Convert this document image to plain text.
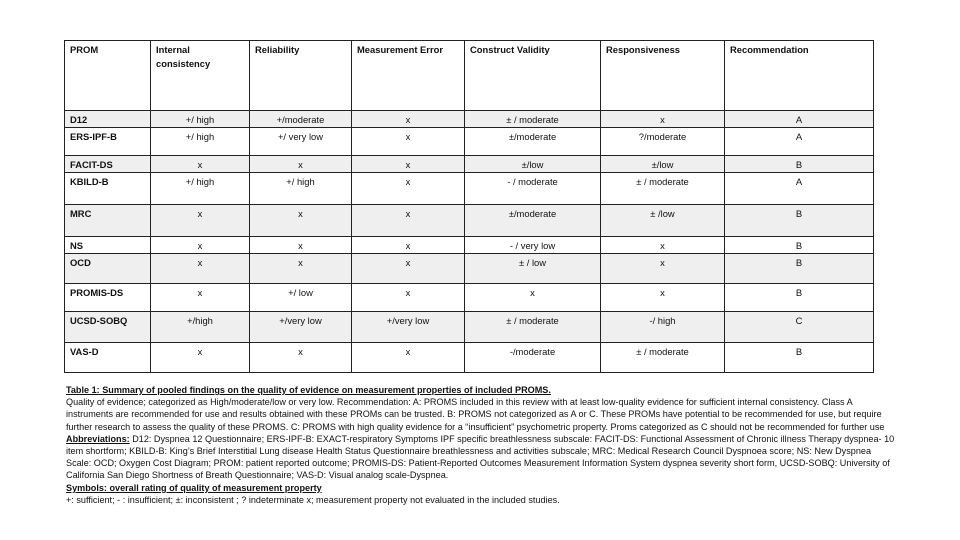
PROM	Internal consistency	Reliability	Measurement Error	Construct Validity	Responsiveness	Recommendation
D12	+/ high	+/moderate	x	± / moderate	x	A
ERS-IPF-B	+/ high	+/ very low	x	±/moderate	?/moderate	A
FACIT-DS	x	x	x	±/low	±/low	B
KBILD-B	+/ high	+/ high	x	- / moderate	± / moderate	A
MRC	x	x	x	±/moderate	± /low	B
NS	x	x	x	- / very low	x	B
OCD	x	x	x	± / low	x	B
PROMIS-DS	x	+/ low	x	x	x	B
UCSD-SOBQ	+/high	+/very low	+/very low	± / moderate	-/ high	C
VAS-D	x	x	x	-/moderate	± / moderate	B

Table 1: Summary of pooled findings on the quality of evidence on measurement properties of included PROMS.

Quality of evidence; categorized as High/moderate/low or very low. Recommendation: A: PROMS included in this review with at least low-quality evidence for sufficient internal consistency. Class A instruments are recommended for use and results obtained with these PROMs can be trusted. B: PROMS not categorized as A or C. These PROMs have potential to be recommended for use, but require further research to assess the quality of these PROMS. C: PROMS with high quality evidence for a “insufficient” psychometric property. Proms categorized as C should not be recommended for further use

Abbreviations: D12: Dyspnea 12 Questionnaire; ERS-IPF-B: EXACT-respiratory Symptoms IPF specific breathlessness subscale: FACIT-DS: Functional Assessment of Chronic illness Therapy dyspnea- 10 item shortform; KBILD-B: King’s Brief Interstitial Lung disease Health Status Questionnaire breathlessness and activities subscale; MRC: Medical Research Council Dyspnoea score; NS: New Dyspnea Scale: OCD; Oxygen Cost Diagram; PROM: patient reported outcome; PROMIS-DS: Patient-Reported Outcomes Measurement Information System dyspnea severity short form, UCSD-SOBQ: University of California San Diego Shortness of Breath Questionnaire; VAS-D: Visual analog scale-Dyspnea.

Symbols: overall rating of quality of measurement property

+: sufficient; - : insufficient; ±: inconsistent ; ? indeterminate x; measurement property not evaluated in the included studies.
